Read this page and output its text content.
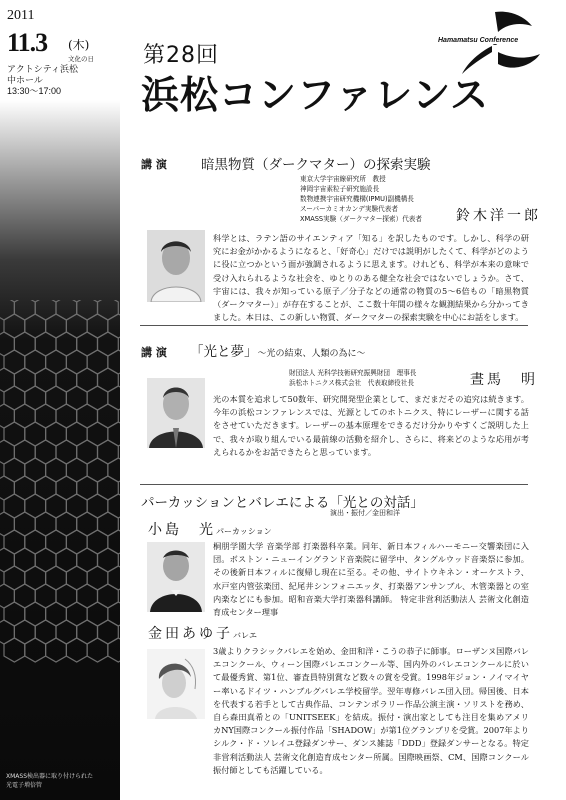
2011
11.3 (木)
文化の日
アクトシティ浜松
中ホール
13:30～17:00
XMASS検出器に取り付けられた
光電子増倍管
第28回
浜松コンファレンス
Hamamatsu Conference
講 演	暗黒物質（ダークマター）の探索実験
東京大学宇宙線研究所　教授
神岡宇宙素粒子研究施設長
数物連携宇宙研究機構(IPMU)副機構長
スーパーカミオカンデ実験代表者
XMASS実験（ダークマター探索）代表者 鈴木洋一郎
科学とは、ラテン語のサイエンティア「知る」を訳したものです。しかし、科学の研究にお金がかかるようになると、「好奇心」だけでは説明がしたくて、科学がどのように役に立つかという面が強調されるように思えます。けれども、科学が本来の意味で受け入れられるような社会を、ゆとりのある健全な社会ではないでしょうか。さて、宇宙には、我々が知っている原子／分子などの通常の物質の5～6倍もの「暗黒物質（ダークマター）」が存在することが、ここ数十年間の様々な観測結果から分かってきました。本日は、この新しい物質、ダークマターの探索実験を中心にお話をします。
講 演 「光と夢」～光の結束、人類の為に～
財団法人 光科学技術研究振興財団　理事長
浜松ホトニクス株式会社　代表取締役社長	晝馬　明
光の本質を追求して50数年、研究開発型企業として、まだまだその追究は続きます。今年の浜松コンファレンスでは、光源としてのホトニクス、特にレーザーに関する話をさせていただきます。レーザーの基本原理をできるだけ分かりやすくご説明した上で、我々が取り組んでいる最前線の活動を紹介し、さらに、将来どのような応用が考えられるかをお話できたらと思っています。
パーカッションとバレエによる「光との対話」
演出・振付／金田和洋
小島　光パーカッション
桐朋学園大学 音楽学部 打楽器科卒業。同年、新日本フィルハーモニー交響楽団に入団。ボストン・ニューイングランド音楽院に留学中、タングルウッド音楽祭に参加。その後新日本フィルに復帰し現在に至る。その他、サイトウキネン・オーケストラ、水戸室内管弦楽団、紀尾井シンフォニエッタ、打楽器アンサンブル、木管楽器との室内楽などにも参加。昭和音楽大学打楽器科講師。 特定非営利活動法人 芸術文化創造育成センター理事
金田あゆ子バレエ
3歳よりクラシックバレエを始め、金田和洋・こうの恭子に師事。ローザンヌ国際バレエコンクール、ウィーン国際バレエコンクール等、国内外のバレエコンクールに於いて最優秀賞、第1位、審査員特別賞など数々の賞を受賞。1998年ジョン・ノイマイヤー率いるドイツ・ハンブルグバレエ学校留学。翌年専修バレエ団入団。帰国後、日本を代表する若手として古典作品、コンテンポラリー作品公演主演・ソリストを務め、自ら森田真希との「UNITSEEK」を結成。振付・演出家としても注目を集めアメリカNY国際コンクール振付作品「SHADOW」が第1位グランプリを受賞。2007年よりシルク・ド・ソレイユ登録ダンサー、ダンス雑誌「DDD」登録ダンサーとなる。特定非営利活動法人 芸術文化創造育成センター所属。国際映画祭、CM、国際コンクール振付師としても活躍している。
